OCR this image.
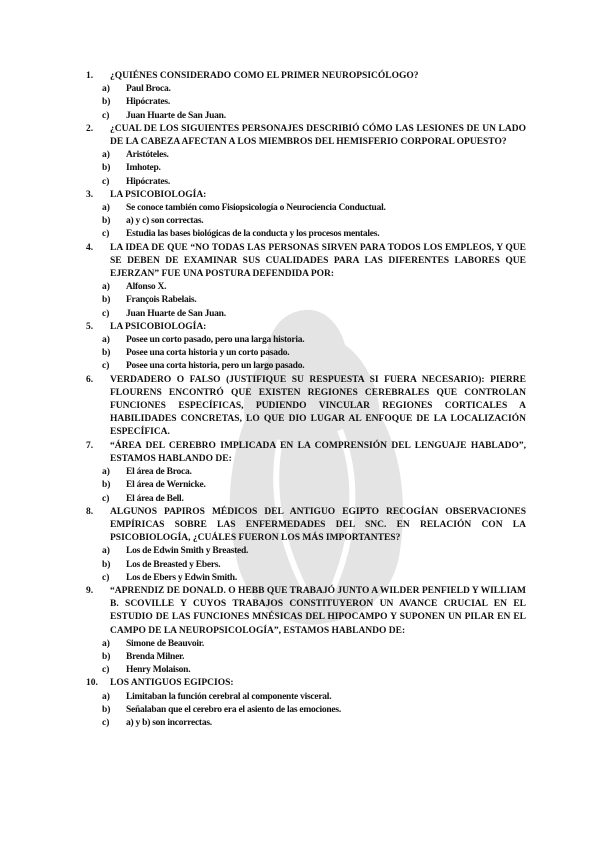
1.	¿QUIÉNES CONSIDERADO COMO EL PRIMER NEUROPSICÓLOGO?

a) Paul Broca.
b) Hipócrates.
c) Juan Huarte de San Juan.

2.	¿CUAL DE LOS SIGUIENTES PERSONAJES DESCRIBIÓ CÓMO LAS LESIONES DE UN LADO DE LA CABEZA AFECTAN A LOS MIEMBROS DEL HEMISFERIO CORPORAL OPUESTO?

a) Aristóteles.
b) Imhotep.
c) Hipócrates.

3.	LA PSICOBIOLOGÍA:

a) Se conoce también como Fisiopsicología o Neurociencia Conductual.
b) a) y c) son correctas.
c) Estudia las bases biológicas de la conducta y los procesos mentales.

4.	LA IDEA DE QUE “NO TODAS LAS PERSONAS SIRVEN PARA TODOS LOS EMPLEOS, Y QUE SE DEBEN DE EXAMINAR SUS CUALIDADES PARA LAS DIFERENTES LABORES QUE EJERZAN” FUE UNA POSTURA DEFENDIDA POR:

a) Alfonso X.
b) François Rabelais.
c) Juan Huarte de San Juan.

5.	LA PSICOBIOLOGÍA:

a) Posee un corto pasado, pero una larga historia.
b) Posee una corta historia y un corto pasado.
c) Posee una corta historia, pero un largo pasado.

6.	VERDADERO O FALSO (JUSTIFIQUE SU RESPUESTA SI FUERA NECESARIO): PIERRE FLOURENS ENCONTRÓ QUE EXISTEN REGIONES CEREBRALES QUE CONTROLAN FUNCIONES ESPECÍFICAS, PUDIENDO VINCULAR REGIONES CORTICALES A HABILIDADES CONCRETAS, LO QUE DIO LUGAR AL ENFOQUE DE LA LOCALIZACIÓN ESPECÍFICA.

7.	“ÁREA DEL CEREBRO IMPLICADA EN LA COMPRENSIÓN DEL LENGUAJE HABLADO”, ESTAMOS HABLANDO DE:

a) El área de Broca.
b) El área de Wernicke.
c) El área de Bell.

8.	ALGUNOS PAPIROS MÉDICOS DEL ANTIGUO EGIPTO RECOGÍAN OBSERVACIONES EMPÍRICAS SOBRE LAS ENFERMEDADES DEL SNC. EN RELACIÓN CON LA PSICOBIOLOGÍA, ¿CUÁLES FUERON LOS MÁS IMPORTANTES?

a) Los de Edwin Smith y Breasted.
b) Los de Breasted y Ebers.
c) Los de Ebers y Edwin Smith.

9.	“APRENDIZ DE DONALD. O HEBB QUE TRABAJÓ JUNTO A WILDER PENFIELD Y WILLIAM B. SCOVILLE Y CUYOS TRABAJOS CONSTITUYERON UN AVANCE CRUCIAL EN EL ESTUDIO DE LAS FUNCIONES MNÉSICAS DEL HIPOCAMPO Y SUPONEN UN PILAR EN EL CAMPO DE LA NEUROPSICOLOGÍA”, ESTAMOS HABLANDO DE:

a) Simone de Beauvoir.
b) Brenda Milner.
c) Henry Molaison.

10.	LOS ANTIGUOS EGIPCIOS:

a) Limitaban la función cerebral al componente visceral.
b) Señalaban que el cerebro era el asiento de las emociones.
c) a) y b) son incorrectas.
